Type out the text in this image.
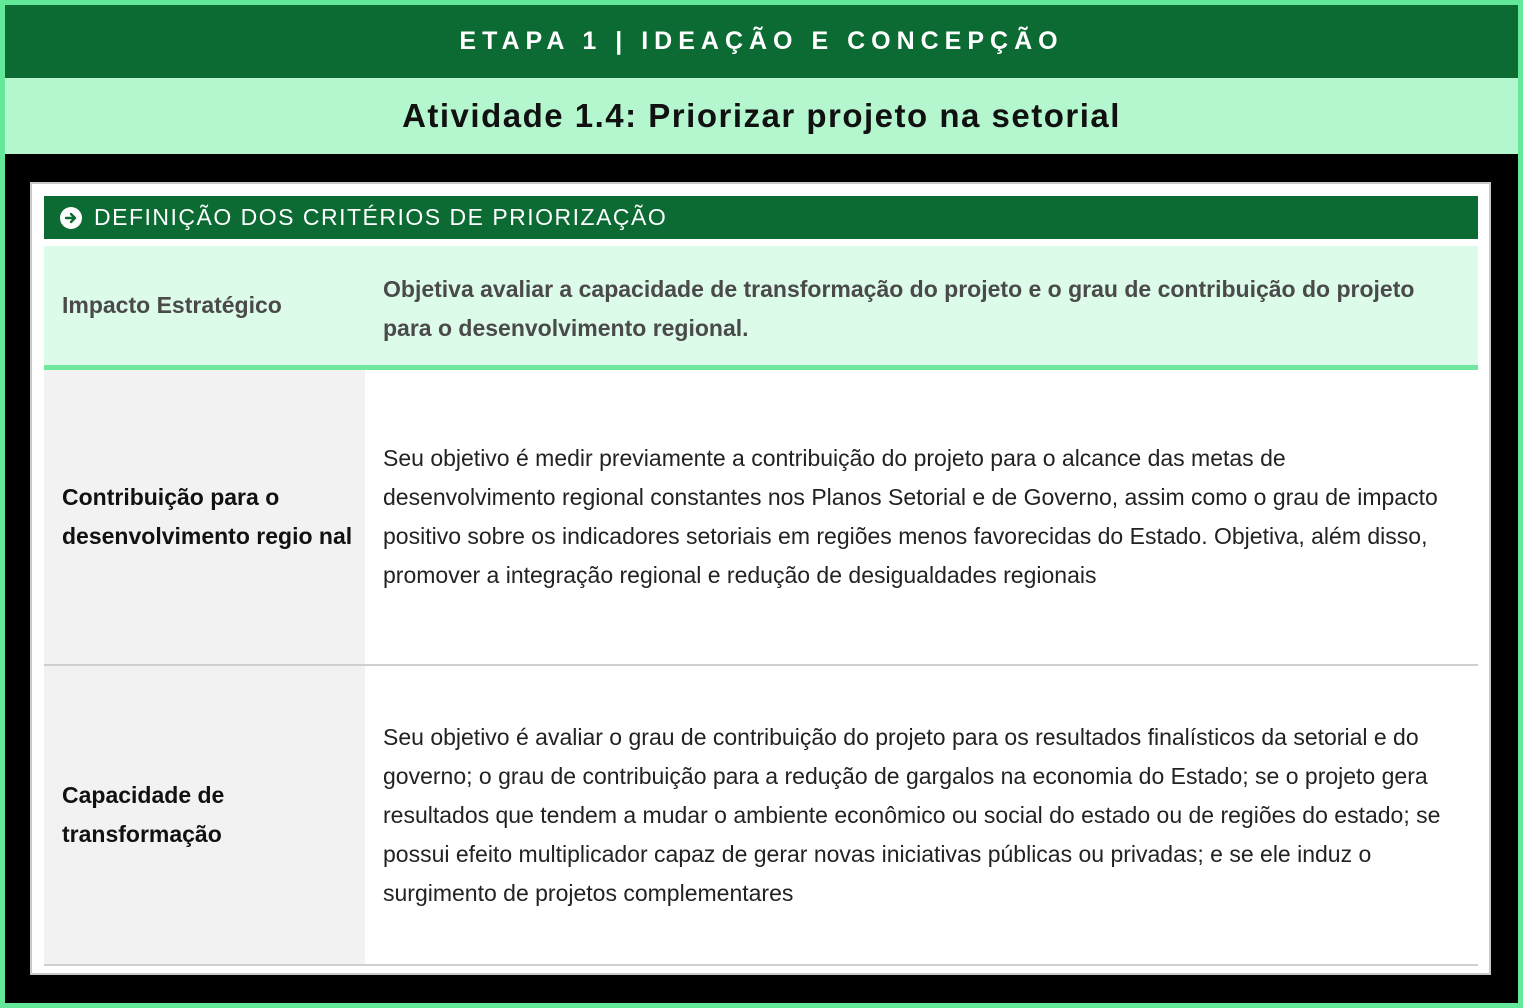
ETAPA 1 | IDEAÇÃO E CONCEPÇÃO
Atividade 1.4: Priorizar projeto na setorial
DEFINIÇÃO DOS CRITÉRIOS DE PRIORIZAÇÃO
Impacto Estratégico
Objetiva avaliar a capacidade de transformação do projeto e o grau de contribuição do projeto para o desenvolvimento regional.
Contribuição para o desenvolvimento regio nal
Seu objetivo é medir previamente a contribuição do projeto para o alcance das metas de desenvolvimento regional constantes nos Planos Setorial e de Governo, assim como o grau de impacto positivo sobre os indicadores setoriais em regiões menos favorecidas do Estado. Objetiva, além disso, promover a integração regional e redução de desigualdades regionais
Capacidade de transformação
Seu objetivo é avaliar o grau de contribuição do projeto para os resultados finalísticos da setorial e do governo; o grau de contribuição para a redução de gargalos na economia do Estado; se o projeto gera resultados que tendem a mudar o ambiente econômico ou social do estado ou de regiões do estado; se possui efeito multiplicador capaz de gerar novas iniciativas públicas ou privadas; e se ele induz o surgimento de projetos complementares
